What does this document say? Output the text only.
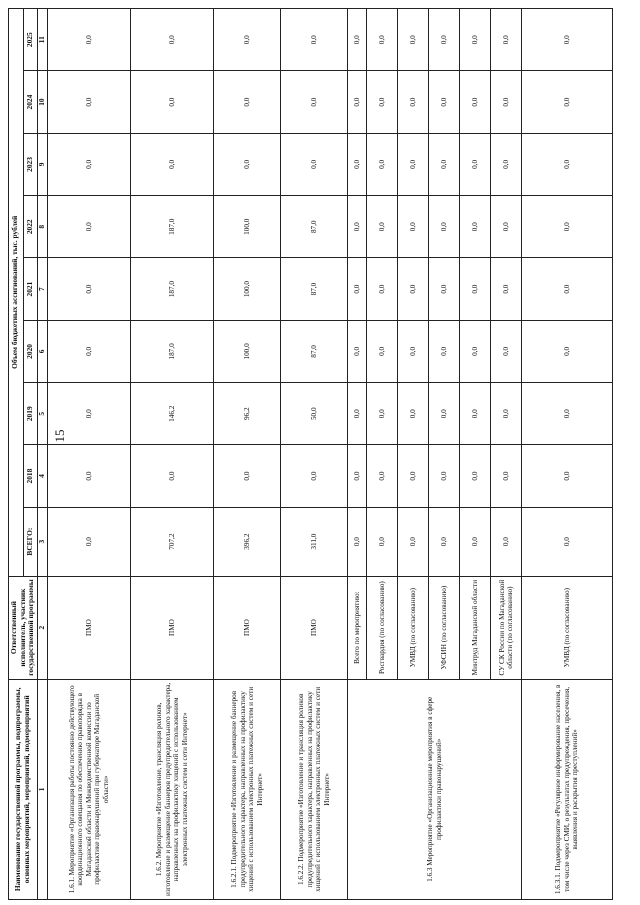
15
Наименование государственной программы, подпрограммы, основных мероприятий, мероприятий, подмероприятий	Ответственный исполнитель, участник государственной программы	Объем бюджетных ассигнований, тыс. рублей								
		ВСЕГО:	2018	2019	2020	2021	2022	2023	2024	2025
1	2	3	4	5	6	7	8	9	10	11
1.6.1. Мероприятие «Организация работы постоянно действующего координационного совещания по обеспечению правопорядка в Магаданской области и Межведомственной комиссии по профилактике правонарушений при губернаторе Магаданской области»	ПМО	0,0	0,0	0,0	0,0	0,0	0,0	0,0	0,0	0,0
1.6.2. Мероприятие «Изготовление, трансляция роликов, изготовление и размещение баннеров предупредительного характера, направленных на профилактику хищений с использованием электронных платежных систем и сети Интернет»	ПМО	707,2	0,0	146,2	187,0	187,0	187,0	0,0	0,0	0,0
1.6.2.1. Подмероприятие «Изготовление и размещение баннеров предупредительного характера, направленных на профилактику хищений с использованием электронных платежных систем и сети Интернет»	ПМО	396,2	0,0	96,2	100,0	100,0	100,0	0,0	0,0	0,0
1.6.2.2. Подмероприятие «Изготовление и трансляция роликов предупредительного характера, направленных на профилактику хищений с использованием электронных платежных систем и сети Интернет»	ПМО	311,0	0,0	50,0	87,0	87,0	87,0	0,0	0,0	0,0
1.6.3 Мероприятие «Организационные мероприятия в сфере профилактики правонарушений»	Всего по мероприятию:	0,0	0,0	0,0	0,0	0,0	0,0	0,0	0,0	0,0
	Росгвардия (по согласованию)	0,0	0,0	0,0	0,0	0,0	0,0	0,0	0,0	0,0
	УМВД (по согласованию)	0,0	0,0	0,0	0,0	0,0	0,0	0,0	0,0	0,0
	УФСИН (по согласованию)	0,0	0,0	0,0	0,0	0,0	0,0	0,0	0,0	0,0
	Минтруд Магаданской области	0,0	0,0	0,0	0,0	0,0	0,0	0,0	0,0	0,0
	СУ СК России по Магаданской области (по согласованию)	0,0	0,0	0,0	0,0	0,0	0,0	0,0	0,0	0,0
1.6.3.1. Подмероприятие «Регулярное информирование населения, в том числе через СМИ, о результатах предупреждения, пресечения, выявления и раскрытия преступлений»	УМВД (по согласованию)	0,0	0,0	0,0	0,0	0,0	0,0	0,0	0,0	0,0
